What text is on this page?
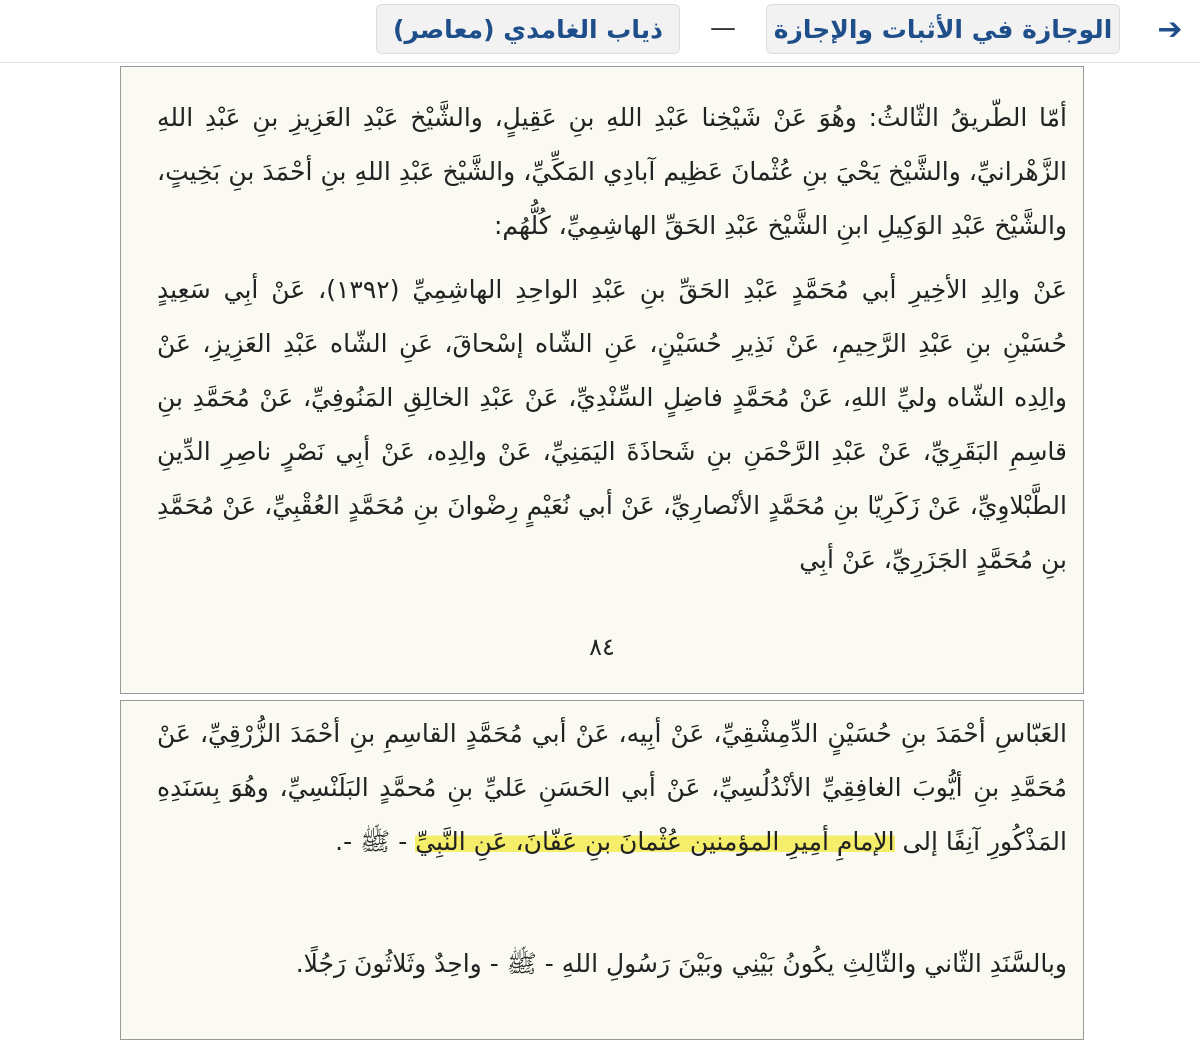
➔
الوجازة في الأثبات والإجازة
—
ذياب الغامدي (معاصر)
أمّا الطّريقُ الثّالثُ: وهُوَ عَنْ شَيْخِنا عَبْدِ اللهِ بنِ عَقِيلٍ، والشَّيْخ عَبْدِ العَزِيزِ بنِ عَبْدِ اللهِ الزَّهْرانيِّ، والشَّيْخ يَحْيَ بنِ عُثْمانَ عَظِيم آبادِي المَكِّيِّ، والشَّيْخ عَبْدِ اللهِ بنِ أحْمَدَ بنِ بَخِيتٍ، والشَّيْخ عَبْدِ الوَكِيلِ ابنِ الشَّيْخ عَبْدِ الحَقِّ الهاشِمِيِّ، كُلُّهُم:
عَنْ والِدِ الأخِيرِ أبي مُحَمَّدٍ عَبْدِ الحَقِّ بنِ عَبْدِ الواحِدِ الهاشِمِيِّ (١٣٩٢)، عَنْ أبِي سَعِيدٍ حُسَيْنِ بنِ عَبْدِ الرَّحِيمِ، عَنْ نَذِيرِ حُسَيْنٍ، عَنِ الشّاه إسْحاقَ، عَنِ الشّاه عَبْدِ العَزِيزِ، عَنْ والِدِه الشّاه وليِّ اللهِ، عَنْ مُحَمَّدٍ فاضِلٍ السِّنْدِيِّ، عَنْ عَبْدِ الخالِقِ المَنُوفِيِّ، عَنْ مُحَمَّدِ بنِ قاسِمِ البَقَرِيِّ، عَنْ عَبْدِ الرَّحْمَنِ بنِ شَحاذَةَ اليَمَنِيِّ، عَنْ والِدِه، عَنْ أبِي نَصْرٍ ناصِرِ الدِّينِ الطَّبْلاوِيِّ، عَنْ زَكَرِيّا بنِ مُحَمَّدٍ الأنْصارِيِّ، عَنْ أبي نُعَيْمٍ رِضْوانَ بنِ مُحَمَّدٍ العُقْبِيِّ، عَنْ مُحَمَّدِ بنِ مُحَمَّدٍ الجَزَرِيِّ، عَنْ أبِي
٨٤
العَبّاسِ أحْمَدَ بنِ حُسَيْنٍ الدِّمِشْقِيِّ، عَنْ أبِيه، عَنْ أبي مُحَمَّدٍ القاسِمِ بنِ أحْمَدَ الزُّرْقِيِّ، عَنْ مُحَمَّدِ بنِ أيُّوبَ الغافِقِيِّ الأنْدُلُسِيِّ، عَنْ أبي الحَسَنِ عَليِّ بنِ مُحمَّدٍ البَلَنْسِيِّ، وهُوَ بِسَنَدِهِ المَذْكُورِ آنِفًا إلى الإمامِ أمِيرِ المؤمنين عُثْمانَ بنِ عَفّانَ، عَنِ النَّبِيِّ - ﷺ -.
وبالسَّنَدِ الثّاني والثّالِثِ يكُونُ بَيْنِي وبَيْنَ رَسُولِ اللهِ - ﷺ - واحِدٌ وثَلاثُونَ رَجُلًا.
